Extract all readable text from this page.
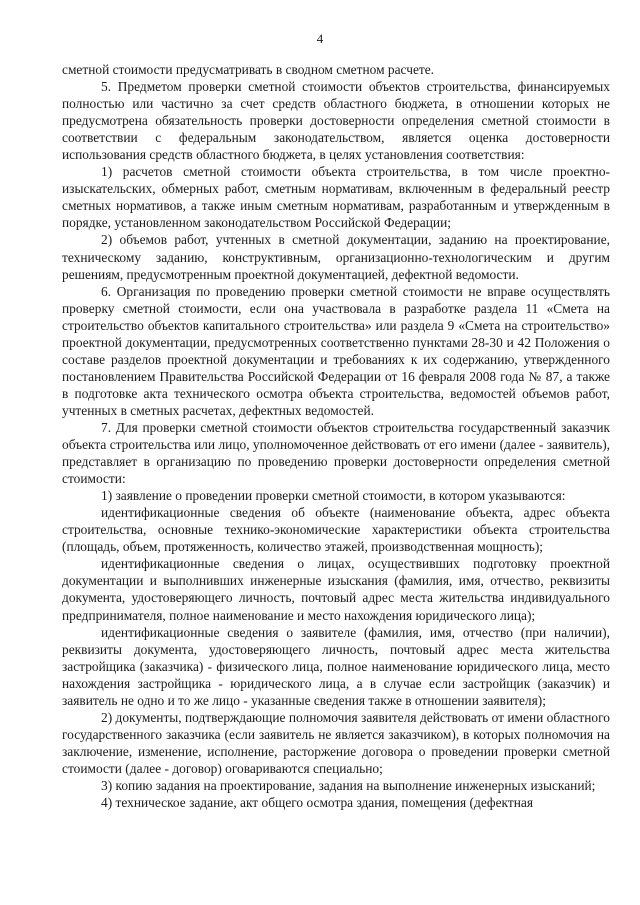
4

сметной стоимости предусматривать в сводном сметном расчете.

5. Предметом проверки сметной стоимости объектов строительства, финансируемых полностью или частично за счет средств областного бюджета, в отношении которых не предусмотрена обязательность проверки достоверности определения сметной стоимости в соответствии с федеральным законодательством, является оценка достоверности использования средств областного бюджета, в целях установления соответствия:

1) расчетов сметной стоимости объекта строительства, в том числе проектно-изыскательских, обмерных работ, сметным нормативам, включенным в федеральный реестр сметных нормативов, а также иным сметным нормативам, разработанным и утвержденным в порядке, установленном законодательством Российской Федерации;

2) объемов работ, учтенных в сметной документации, заданию на проектирование, техническому заданию, конструктивным, организационно-технологическим и другим решениям, предусмотренным проектной документацией, дефектной ведомости.

6. Организация по проведению проверки сметной стоимости не вправе осуществлять проверку сметной стоимости, если она участвовала в разработке раздела 11 «Смета на строительство объектов капитального строительства» или раздела 9 «Смета на строительство» проектной документации, предусмотренных соответственно пунктами 28-30 и 42 Положения о составе разделов проектной документации и требованиях к их содержанию, утвержденного постановлением Правительства Российской Федерации от 16 февраля 2008 года № 87, а также в подготовке акта технического осмотра объекта строительства, ведомостей объемов работ, учтенных в сметных расчетах, дефектных ведомостей.

7. Для проверки сметной стоимости объектов строительства государственный заказчик объекта строительства или лицо, уполномоченное действовать от его имени (далее - заявитель), представляет в организацию по проведению проверки достоверности определения сметной стоимости:

1) заявление о проведении проверки сметной стоимости, в котором указываются:

идентификационные сведения об объекте (наименование объекта, адрес объекта строительства, основные технико-экономические характеристики объекта строительства (площадь, объем, протяженность, количество этажей, производственная мощность);

идентификационные сведения о лицах, осуществивших подготовку проектной документации и выполнивших инженерные изыскания (фамилия, имя, отчество, реквизиты документа, удостоверяющего личность, почтовый адрес места жительства индивидуального предпринимателя, полное наименование и место нахождения юридического лица);

идентификационные сведения о заявителе (фамилия, имя, отчество (при наличии), реквизиты документа, удостоверяющего личность, почтовый адрес места жительства застройщика (заказчика) - физического лица, полное наименование юридического лица, место нахождения застройщика - юридического лица, а в случае если застройщик (заказчик) и заявитель не одно и то же лицо - указанные сведения также в отношении заявителя);

2) документы, подтверждающие полномочия заявителя действовать от имени областного государственного заказчика (если заявитель не является заказчиком), в которых полномочия на заключение, изменение, исполнение, расторжение договора о проведении проверки сметной стоимости (далее - договор) оговариваются специально;

3) копию задания на проектирование, задания на выполнение инженерных изысканий;

4) техническое задание, акт общего осмотра здания, помещения (дефектная
